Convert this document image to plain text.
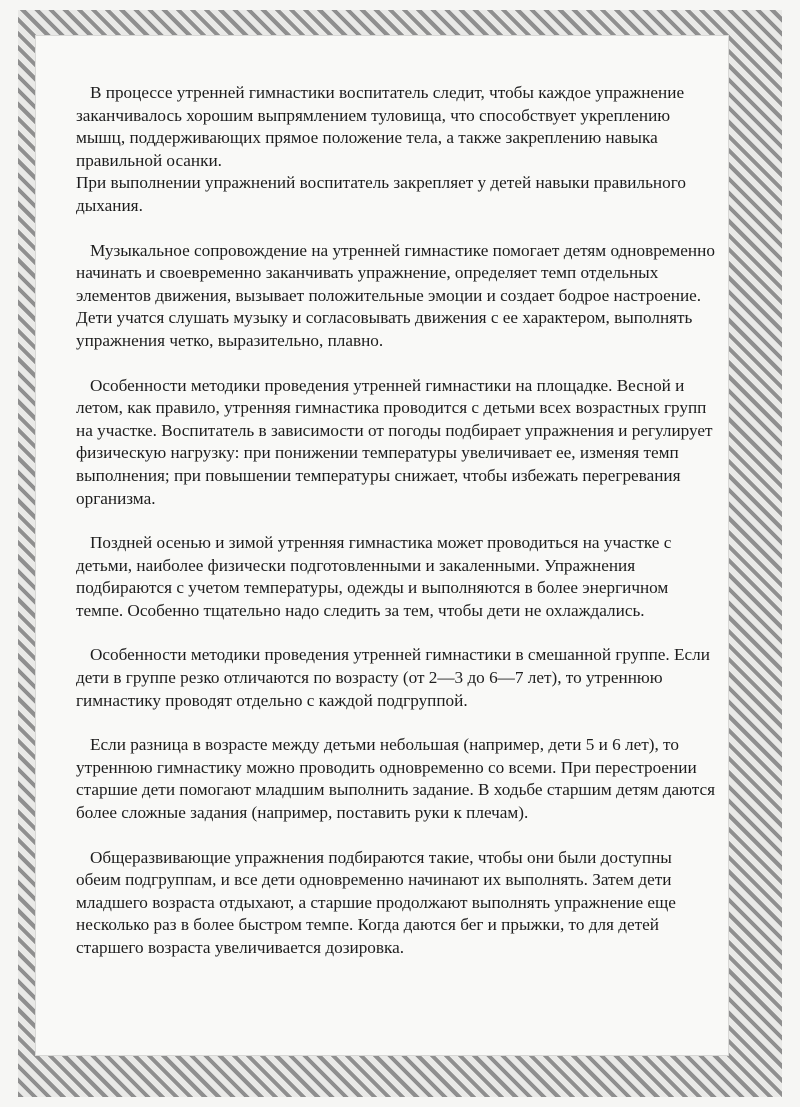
В процессе утренней гимнастики воспитатель следит, чтобы каждое упражнение заканчивалось хорошим выпрямлением туловища, что способствует укреплению мышц, поддерживающих прямое положение тела, а также закреплению навыка правильной осанки.
При выполнении упражнений воспитатель закрепляет у детей навыки правильного дыхания.

Музыкальное сопровождение на утренней гимнастике помогает детям одновременно начинать и своевременно заканчивать упражнение, определяет темп отдельных элементов движения, вызывает положительные эмоции и создает бодрое настроение. Дети учатся слушать музыку и согласовывать движения с ее характером, выполнять упражнения четко, выразительно, плавно.

Особенности методики проведения утренней гимнастики на площадке. Весной и летом, как правило, утренняя гимнастика проводится с детьми всех возрастных групп на участке. Воспитатель в зависимости от погоды подбирает упражнения и регулирует физическую нагрузку: при понижении температуры увеличивает ее, изменяя темп выполнения; при повышении температуры снижает, чтобы избежать перегревания организма.

Поздней осенью и зимой утренняя гимнастика может проводиться на участке с детьми, наиболее физически подготовленными и закаленными. Упражнения подбираются с учетом температуры, одежды и выполняются в более энергичном темпе. Особенно тщательно надо следить за тем, чтобы дети не охлаждались.

Особенности методики проведения утренней гимнастики в смешанной группе. Если дети в группе резко отличаются по возрасту (от 2—3 до 6—7 лет), то утреннюю гимнастику проводят отдельно с каждой подгруппой.

Если разница в возрасте между детьми небольшая (например, дети 5 и 6 лет), то утреннюю гимнастику можно проводить одновременно со всеми. При перестроении старшие дети помогают младшим выполнить задание. В ходьбе старшим детям даются более сложные задания (например, поставить руки к плечам).

Общеразвивающие упражнения подбираются такие, чтобы они были доступны обеим подгруппам, и все дети одновременно начинают их выполнять. Затем дети младшего возраста отдыхают, а старшие продолжают выполнять упражнение еще несколько раз в более быстром темпе. Когда даются бег и прыжки, то для детей старшего возраста увеличивается дозировка.
